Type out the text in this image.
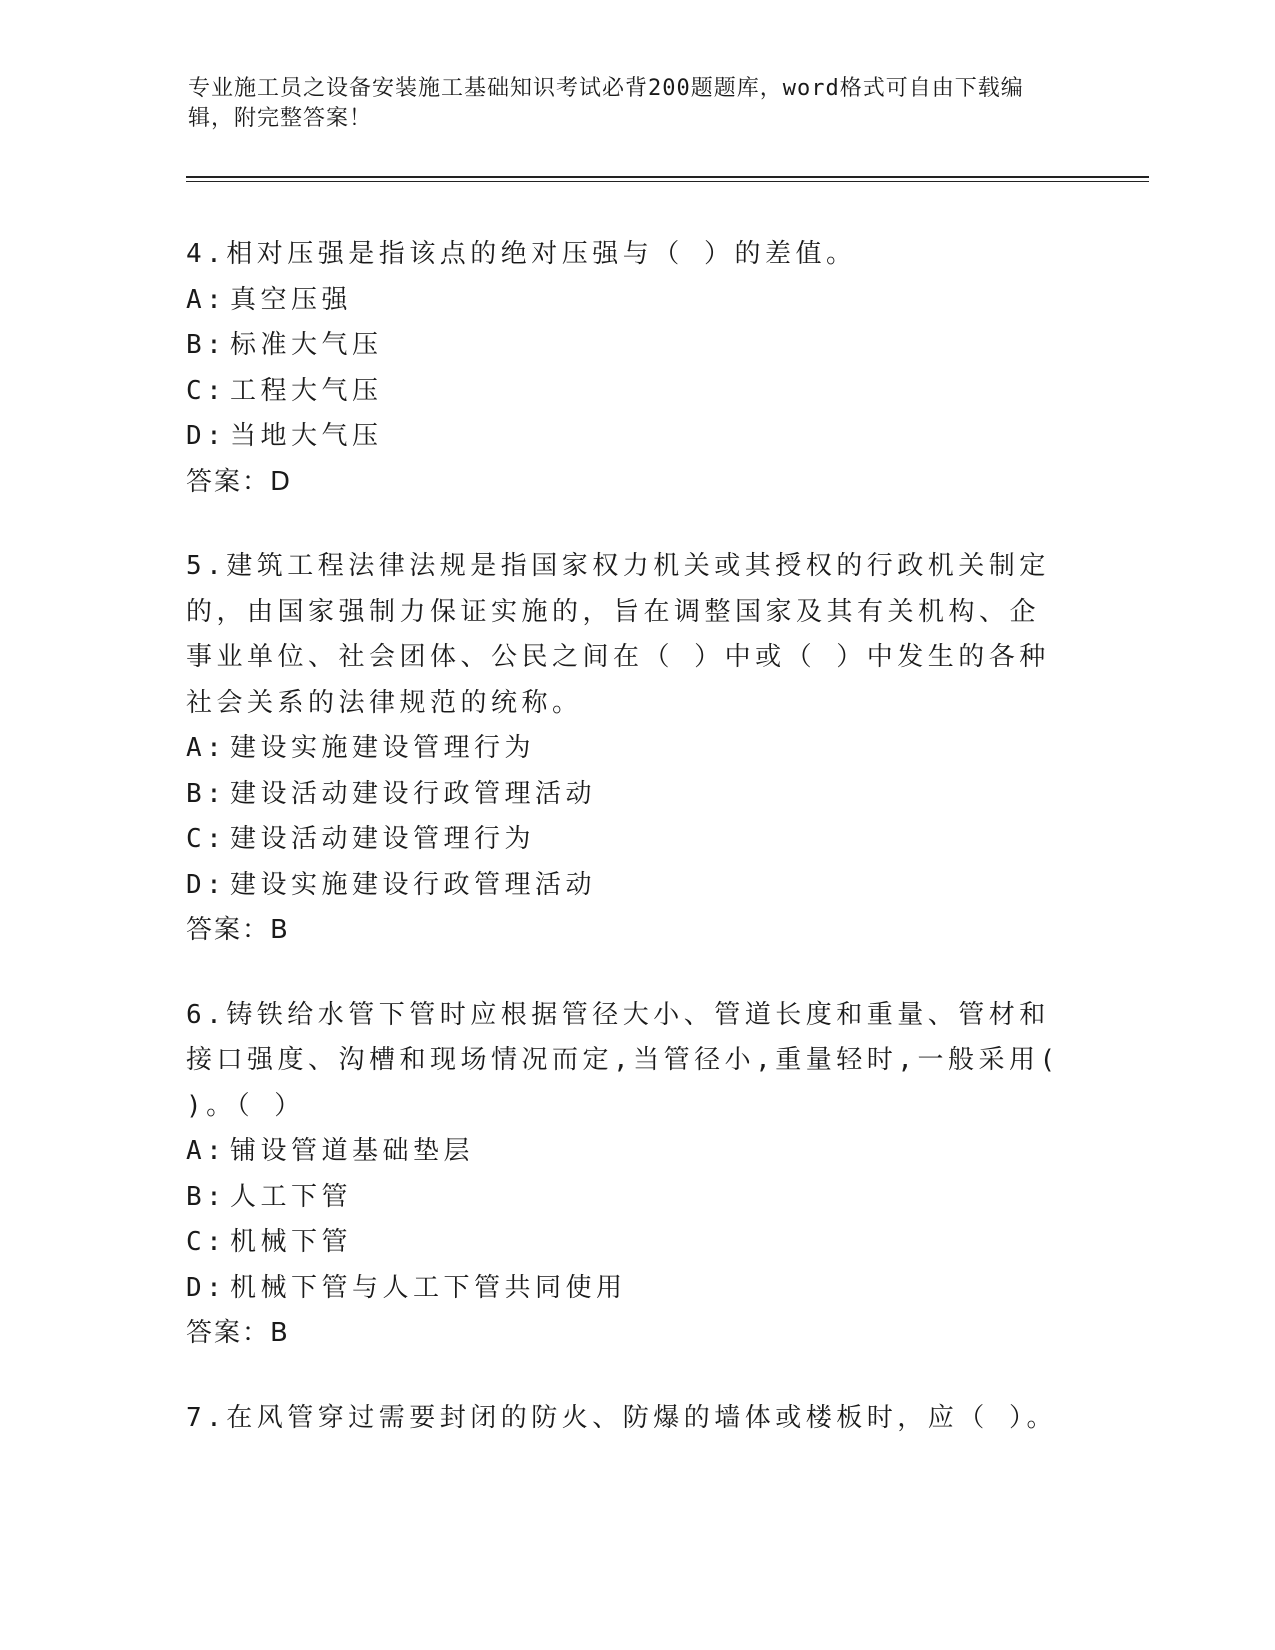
专业施工员之设备安装施工基础知识考试必背200题题库，word格式可自由下载编辑，附完整答案！
4.相对压强是指该点的绝对压强与（ ）的差值。
A: 真空压强
B: 标准大气压
C: 工程大气压
D: 当地大气压
答案：D
5.建筑工程法律法规是指国家权力机关或其授权的行政机关制定的，由国家强制力保证实施的，旨在调整国家及其有关机构、企事业单位、社会团体、公民之间在（ ）中或（ ）中发生的各种社会关系的法律规范的统称。
A: 建设实施建设管理行为
B: 建设活动建设行政管理活动
C: 建设活动建设管理行为
D: 建设实施建设行政管理活动
答案：B
6.铸铁给水管下管时应根据管径大小、管道长度和重量、管材和接口强度、沟槽和现场情况而定,当管径小,重量轻时,一般采用( )。（ ）
A: 铺设管道基础垫层
B: 人工下管
C: 机械下管
D: 机械下管与人工下管共同使用
答案：B
7.在风管穿过需要封闭的防火、防爆的墙体或楼板时，应（ ）。
